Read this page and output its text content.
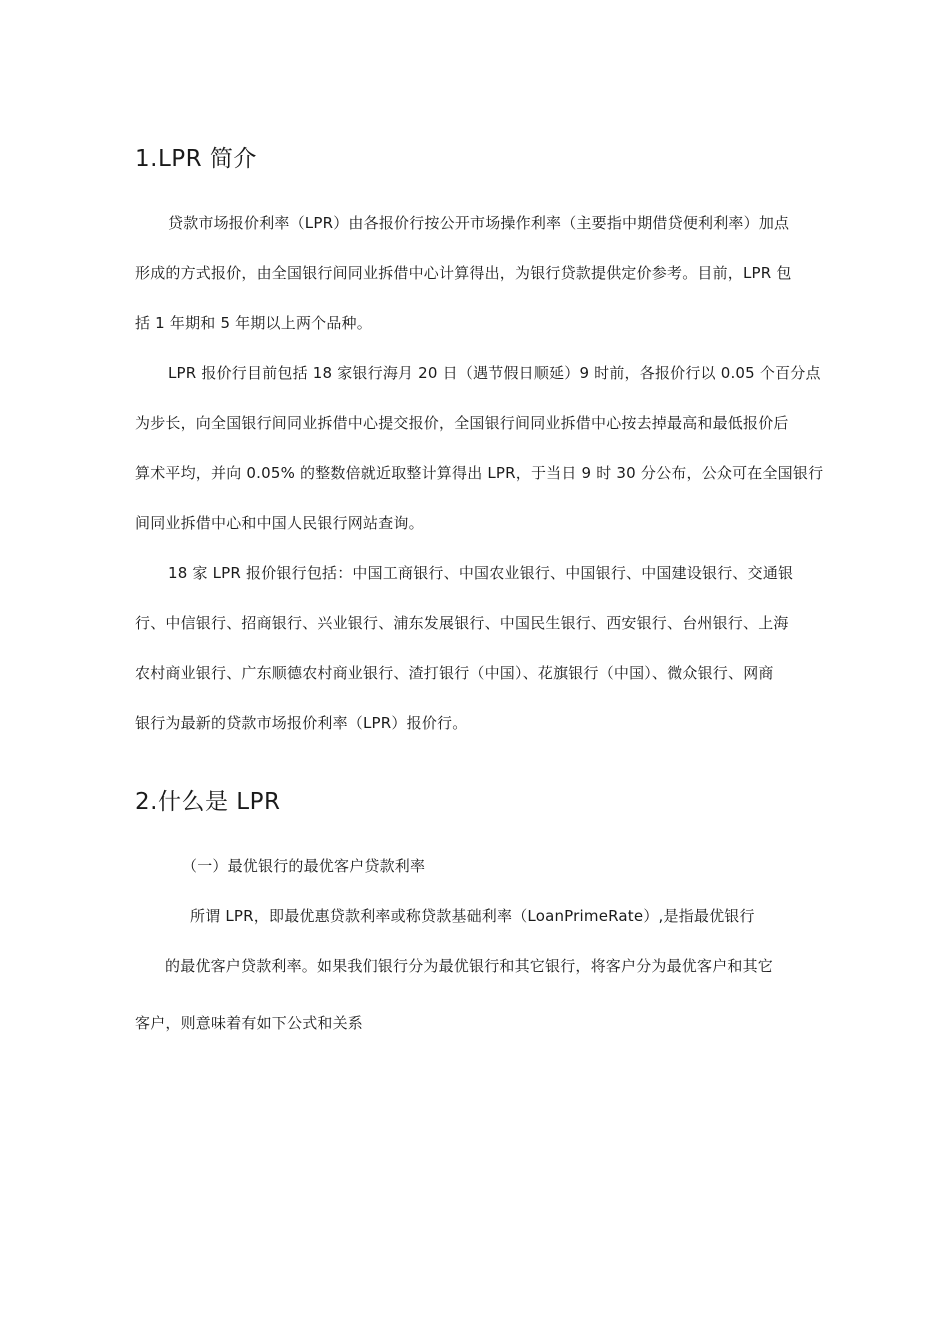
1.LPR 简介
贷款市场报价利率（LPR）由各报价行按公开市场操作利率（主要指中期借贷便利利率）加点
形成的方式报价，由全国银行间同业拆借中心计算得出，为银行贷款提供定价参考。目前，LPR 包
括 1 年期和 5 年期以上两个品种。
LPR 报价行目前包括 18 家银行海月 20 日（遇节假日顺延）9 时前，各报价行以 0.05 个百分点
为步长，向全国银行间同业拆借中心提交报价，全国银行间同业拆借中心按去掉最高和最低报价后
算术平均，并向 0.05% 的整数倍就近取整计算得出 LPR，于当日 9 时 30 分公布，公众可在全国银行
间同业拆借中心和中国人民银行网站查询。
18 家 LPR 报价银行包括：中国工商银行、中国农业银行、中国银行、中国建设银行、交通银
行、中信银行、招商银行、兴业银行、浦东发展银行、中国民生银行、西安银行、台州银行、上海
农村商业银行、广东顺德农村商业银行、渣打银行（中国）、花旗银行（中国）、微众银行、网商
银行为最新的贷款市场报价利率（LPR）报价行。
2.什么是 LPR
（一）最优银行的最优客户贷款利率
所谓 LPR，即最优惠贷款利率或称贷款基础利率（LoanPrimeRate）,是指最优银行
的最优客户贷款利率。如果我们银行分为最优银行和其它银行，将客户分为最优客户和其它
客户，则意味着有如下公式和关系
